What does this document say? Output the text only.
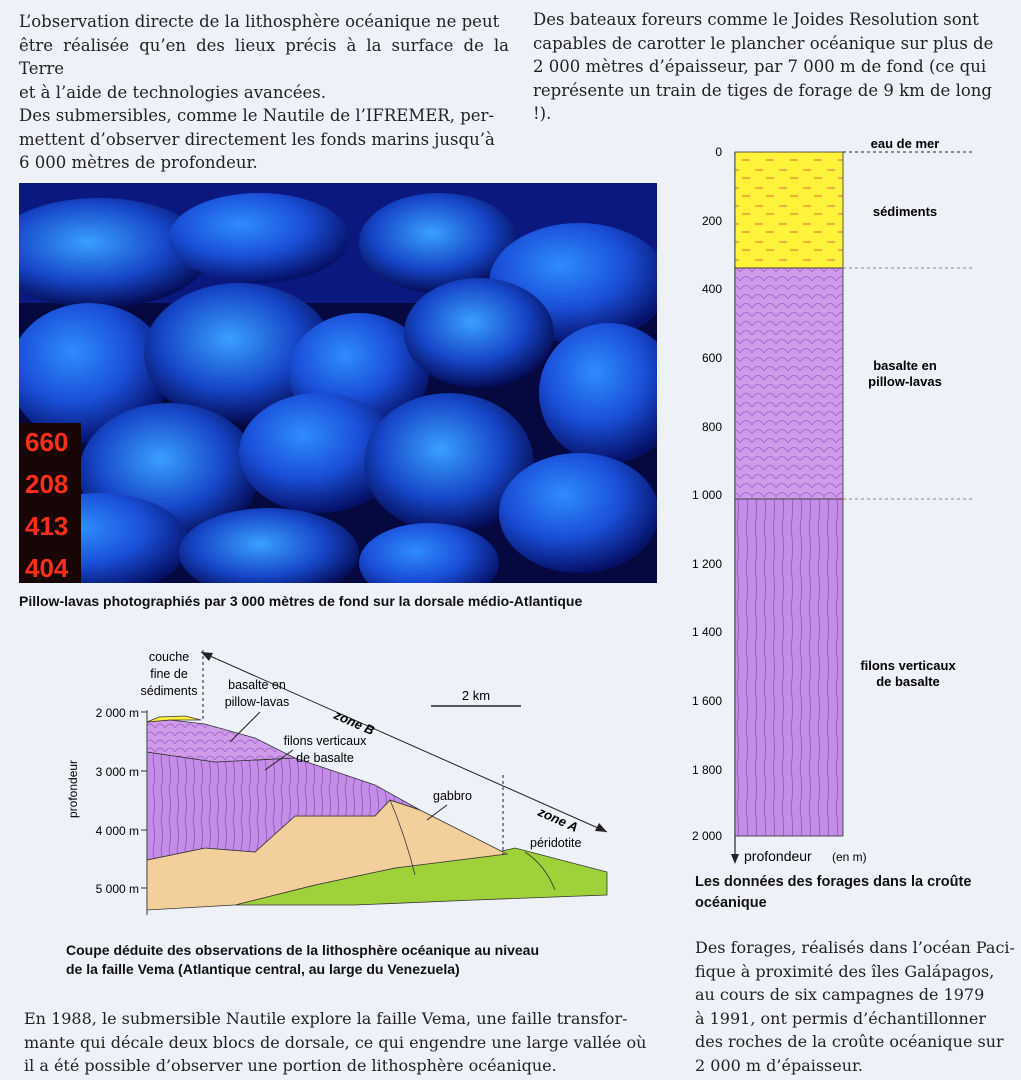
L’observation directe de la lithosphère océanique ne peut
être réalisée qu’en des lieux précis à la surface de la Terre
et à l’aide de technologies avancées.
Des submersibles, comme le Nautile de l’IFREMER, per-
mettent d’observer directement les fonds marins jusqu’à
6 000 mètres de profondeur.
Des bateaux foreurs comme le Joides Resolution sont
capables de carotter le plancher océanique sur plus de
2 000 mètres d’épaisseur, par 7 000 m de fond (ce qui
représente un train de tiges de forage de 9 km de long !).
660
208
413
404
Pillow-lavas photographiés par 3 000 mètres de fond sur la dorsale médio-Atlantique
2 000 m
3 000 m
4 000 m
5 000 m
profondeur
zone B
zone A
2 km
couche
fine de
sédiments basalte en
pillow-lavas
filons verticaux
de basalte
gabbro
péridotite
Coupe déduite des observations de la lithosphère océanique au niveau
de la faille Vema (Atlantique central, au large du Venezuela)
En 1988, le submersible Nautile explore la faille Vema, une faille transfor-
mante qui décale deux blocs de dorsale, ce qui engendre une large vallée où
il a été possible d’observer une portion de lithosphère océanique.
0
200
400
600
800
1 000
1 200
1 400
1 600
1 800
2 000
profondeur (en m)
eau de mer
sédiments
basalte en
pillow-lavas
filons verticaux
de basalte
Les données des forages dans la croûte
océanique
Des forages, réalisés dans l’océan Paci-
fique à proximité des îles Galápagos,
au cours de six campagnes de 1979
à 1991, ont permis d’échantillonner
des roches de la croûte océanique sur
2 000 m d’épaisseur.
